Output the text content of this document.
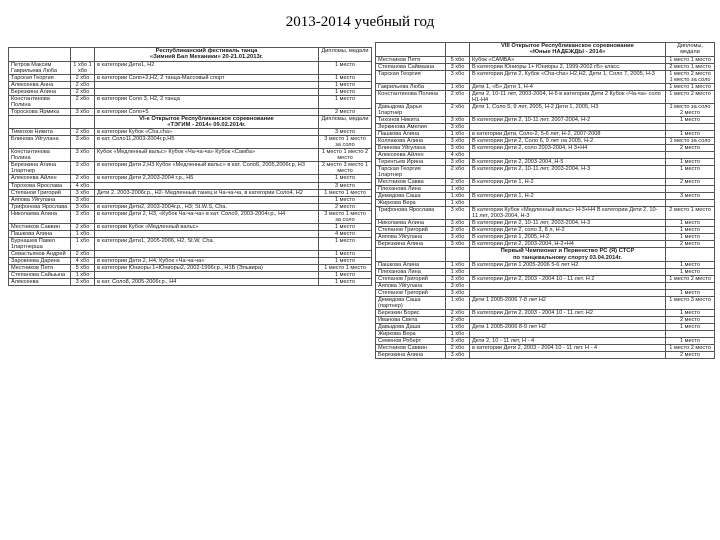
2013-2014 учебный год

		Республиканский фестиваль танца
«Зимний Бал Механики» 20-21.01.2013г.	Дипломы, медали
Петров Максим Гаврильева Люба	1 хбо 1 хбо	в категории Дети1, Н2	1 место
Тарская Георгия	2 хбо	в категории Соло+2,Н2, 2 танца-Массовый спорт	1 место
Алексеева Анна	2 хбо		1 место
Березкина Алина	2 хбо		1 место
Константинова Полина	2 хбо	в категории Соло 3, Н2, 2 танца	1 место
Тороскова Ярмика	3 хбо	в категории Соло+5	2 место

		VI-е Открытое Республиканское соревнование
«ТЭГИМ - 2014» 09.02.2014г.	Дипломы, медали
Тимохов Никита	2 хбо	в категории Кубок «Cha.cha»	3 место
Блинова Уйгулана	3 хбо	в кат. Соло11,2003-2004г.р,Н5	3 место 1 место за соло
Константинова Полина	3 хбо	Кубок «Медленный вальс» Кубок «Ча-ча-ча» Кубок «Самба»	1 место 1 место 2 место
Березкина Алина 1партнер	3 хбо	в категории Дети 2,Н3 Кубок «Медленный вальс» в кат. Соло6, 2005,2006г.р, Н3	2 место 3 место 1 место
Алексеева Айлен	2 хбо	в категории Дети 2,2003-2004 г.р., Н5	1 место
Торохова Ярослава	4 хбо		3 место
Степанов Григорий	3 хбо	Дети 2, 2003-2006г.р., Н2- Медленный танец и Ча-ча-ча, в категории Соло4, Н2	1 место 1 место
Аяпова Уйгулана	3 хбо		1 место
Трифонова Ярослава	3 хбо	в категории Дети2, 2003-2004г.р., Н3; St.W.S, Cha.	2 место
Николаева Алина	3 хбо	в категории Дети 2, Н3, «Кубок Ча-ча-ча» в кат. Соло9, 2003-2004г.р., Н4	3 место 1 место за соло
Местников Саввин	2 хбо	в категории Кубок «Медленный вальс»	1 место
Пашкова Алина	1 хбо		4 место
Бурнашев Павел 1партнерша	1 хбо	в категории Дети1, 2005-2006, Н2, St.W, Cha.	1 место
Севастьянов Андрей	2 хбо		1 место
Заровнева Дарина	4 хбо	в категории Дети 2, Н4, Кубок «Ча-ча-ча»	1 место
Местников Петя	5 хбо	в категории Юниоры 1+Юниоры2, 2002-1996г.р., Н1Б (Эльвира)	1 место 1 место
Степанова Сайыына	1 хбо		1 место
Алексеева	3 хбо	в кат. Соло8, 2005-2006г.р., Н4	1 место

		VIII Открытое Республиканское соревнование
«Юные НАДЕЖДЫ - 2014»	Дипломы, медали
Местников Петя	5 хбо	Кубок «САМБА»	1 место 1 место
Степанова Саймаана	3 хбо	В категории Юниоры 1+ Юниоры 2, 1999-2002 гБ» класс.	2 место 1 место
Тарская Георгия	3 хбо	В категории Дети 2, Кубок «Cha-cha» Н2,Н2, Дети 1, Соло 7, 2005, Н-3	1 место 2 место 1 место за соло
Гаврильева Люба	1 хбо	Дети 1, «Б» Дети 1, Н-4	1 место 1 место
Константинова Полина	2 хбо	Дети 2, 10-11 лет, 2003-2004, Н-5 в категории Дети 2 Кубок «Ча-ча» соло Н1-Н4	1 место 2 место
Давыдова Дарья 1партнер	2 хбо	Дети 1, Соло 5, 9 лет, 2005, Н-2 Дети 1, 2005, Н3	1 место за соло 2 место
Тихонов Никита	3 хбо	В категории Дети 2, 10-11 лет, 2007-2004, Н-2	1 место
Зеркинова Амелия	3 хбо		
Пашкова Алина	1 хбо	в категории Дети, Соло-2, 5-6 лет, Н-2, 2007-2008	1 место
Колпакова Алина	3 хбо	В категории Дети 2, Соло 6, 9 лет на 2005, Н-2	1 место за соло
Блинова Уйгулана	3 хбо	В категории Дети 2, соло 2003-2004, Н 3+Н4	2 место
Алексеева Айлен	4 хбо		
Терентьев Ирина	3 хбо	В категории Дети 2, 2003-2004, Н-5	1 место
Тарская Георгия 1партнер	2 хбо	В категории Дети 2, 10-11 лет, 2003-2004, Н-3	1 место
Местников Савва	2 хбо	В категории Дети 1, Н-2	2 место
Плеханова Лина	1 хбо		
Демидова Саша	1 хбо	В категории Дети 1, Н-2	3 место
Жиркова Вера	1 хбо		
Трифонова Ярослава	3 хбо	В категории Кубок «Медленный вальс» Н-3+Н4 В категории Дети 2, 10-11 лет, 2003-2004, Н-3	2 место 1 место
Николаева Алина	3 хбо	В категории Дети 2, 10-11 лет, 2003-2004, Н-3	1 место
Степанов Григорий	3 хбо	В категории Дети 2, соло 3, 8 л, Н-2	1 место
Аяпова Уйгулана	3 хбо	В категории Дети 1, 2005, Н-2	1 место
Березкина Алина	3 хбо	В категории Дети 2, 2003-2004, Н-2+Н4	2 место

		Первый Чемпионат и Первенство РС (Я) СТСР
по танцевальному спорту 03.04.2014г.	

Пашкова Алина	1 хбо	В категории Дети 1 2005-2006 5-6 лет Н2	1 место
Плеханова Лина	1 хбо		1 место
Степанов Григорий	3 хбо	В категории Дети 2, 2003 - 2004 10 - 11 лет. Н 2	1 место 2 место
Аяпова Уйгулана	3 хбо		
Степанов Григорий	3 хбо		1 место
Демидова Саша (партнер)	1 хбо	Дети 1 2005-2006 7-8 лет Н2	1 место 3 место
Березкин Борис	2 хбо	В категории Дети 2, 2003 - 2004 10 - 11 лет. Н2	1 место
Иванова Света	2 хбо		2 место
Давыдова Даша	1 хбо	Дети 1 2005-2006 8-9 лет Н2	1 место
Жиркова Вера	1 хбо		
Семенов Роберт	3 хбо	Дети 2, 10 - 11 лет, Н - 4	1 место
Местников Саввин	2 хбо	в категории Дети 2, 2003 - 2004 10 - 11 лет. Н - 4	1 место 2 место
Березкина Алина	3 хбо		2 место
